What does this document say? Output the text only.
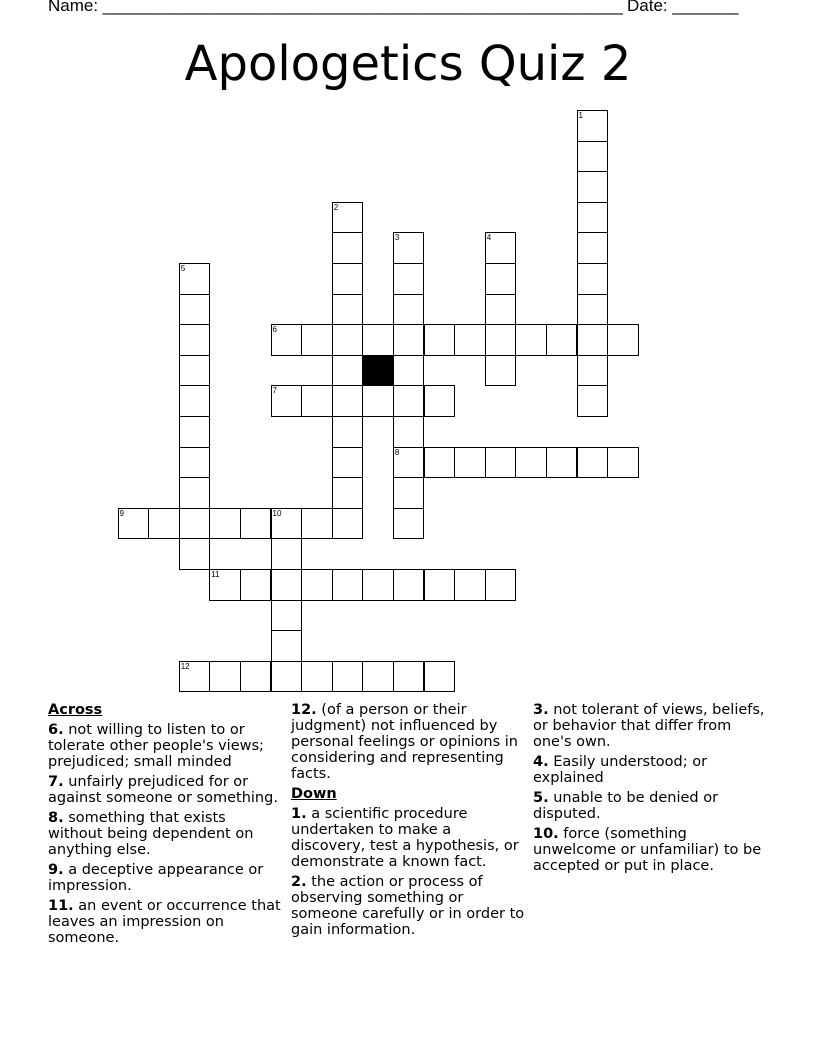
Name: _______________________________________________________ Date: _______
Apologetics Quiz 2
1
2
3
8
4
5
6
7
9	10
11
12
Across
6. not willing to listen to or tolerate other people's views; prejudiced; small minded
7. unfairly prejudiced for or against someone or something.
8. something that exists without being dependent on anything else.
9. a deceptive appearance or impression.
11. an event or occurrence that leaves an impression on someone.
12. (of a person or their judgment) not influenced by personal feelings or opinions in considering and representing facts.
Down
1. a scientific procedure undertaken to make a discovery, test a hypothesis, or demonstrate a known fact.
2. the action or process of observing something or someone carefully or in order to gain information.
3. not tolerant of views, beliefs, or behavior that differ from one's own.
4. Easily understood; or explained
5. unable to be denied or disputed.
10. force (something unwelcome or unfamiliar) to be accepted or put in place.
